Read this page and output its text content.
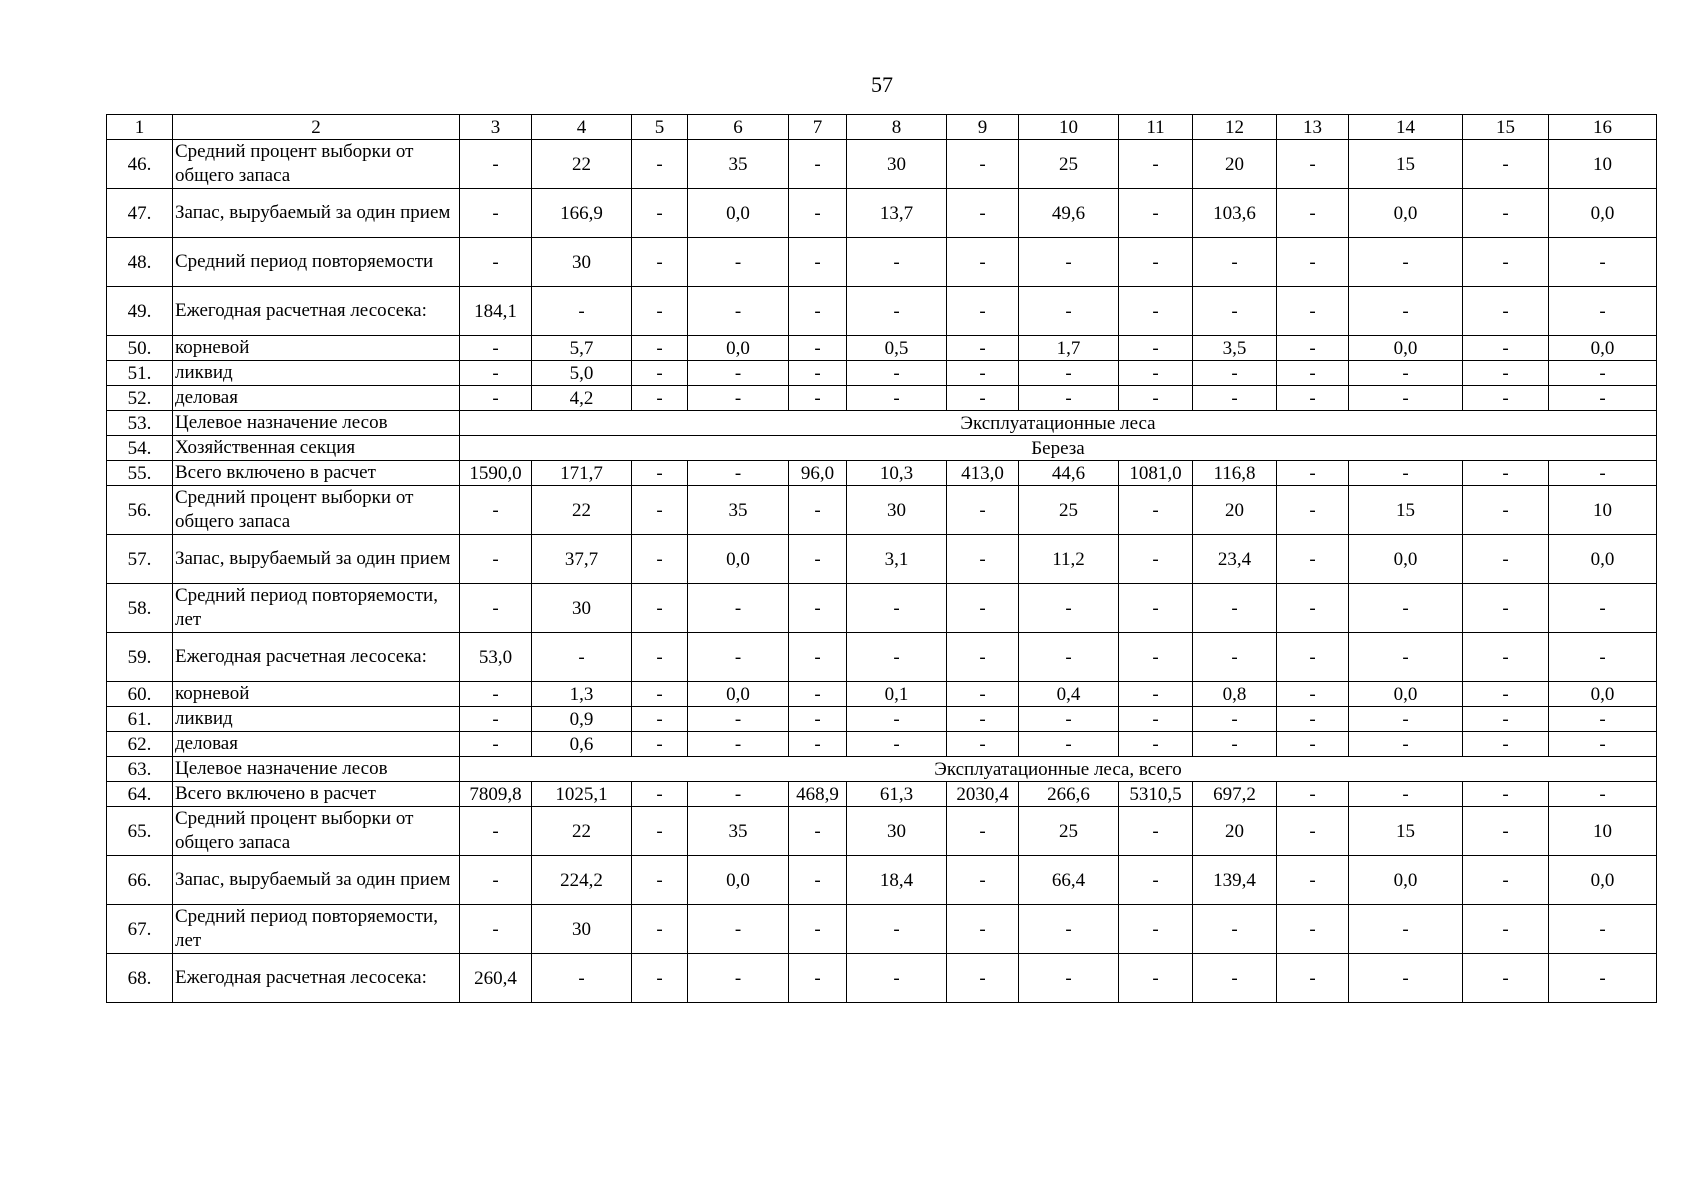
57
1	2	3	4	5	6	7	8	9	10	11	12	13	14	15	16
46.	Средний процент выборки от общего запаса	-	22	-	35	-	30	-	25	-	20	-	15	-	10
47.	Запас, вырубаемый за один прием	-	166,9	-	0,0	-	13,7	-	49,6	-	103,6	-	0,0	-	0,0
48.	Средний период повторяемости	-	30	-	-	-	-	-	-	-	-	-	-	-	-
49.	Ежегодная расчетная лесосека:	184,1	-	-	-	-	-	-	-	-	-	-	-	-	-
50.	корневой	-	5,7	-	0,0	-	0,5	-	1,7	-	3,5	-	0,0	-	0,0
51.	ликвид	-	5,0	-	-	-	-	-	-	-	-	-	-	-	-
52.	деловая	-	4,2	-	-	-	-	-	-	-	-	-	-	-	-
53.	Целевое назначение лесов	Эксплуатационные леса													
54.	Хозяйственная секция	Береза													
55.	Всего включено в расчет	1590,0	171,7	-	-	96,0	10,3	413,0	44,6	1081,0	116,8	-	-	-	-
56.	Средний процент выборки от общего запаса	-	22	-	35	-	30	-	25	-	20	-	15	-	10
57.	Запас, вырубаемый за один прием	-	37,7	-	0,0	-	3,1	-	11,2	-	23,4	-	0,0	-	0,0
58.	Средний период повторяемости, лет	-	30	-	-	-	-	-	-	-	-	-	-	-	-
59.	Ежегодная расчетная лесосека:	53,0	-	-	-	-	-	-	-	-	-	-	-	-	-
60.	корневой	-	1,3	-	0,0	-	0,1	-	0,4	-	0,8	-	0,0	-	0,0
61.	ликвид	-	0,9	-	-	-	-	-	-	-	-	-	-	-	-
62.	деловая	-	0,6	-	-	-	-	-	-	-	-	-	-	-	-
63.	Целевое назначение лесов	Эксплуатационные леса, всего													
64.	Всего включено в расчет	7809,8	1025,1	-	-	468,9	61,3	2030,4	266,6	5310,5	697,2	-	-	-	-
65.	Средний процент выборки от общего запаса	-	22	-	35	-	30	-	25	-	20	-	15	-	10
66.	Запас, вырубаемый за один прием	-	224,2	-	0,0	-	18,4	-	66,4	-	139,4	-	0,0	-	0,0
67.	Средний период повторяемости, лет	-	30	-	-	-	-	-	-	-	-	-	-	-	-
68.	Ежегодная расчетная лесосека:	260,4	-	-	-	-	-	-	-	-	-	-	-	-	-
